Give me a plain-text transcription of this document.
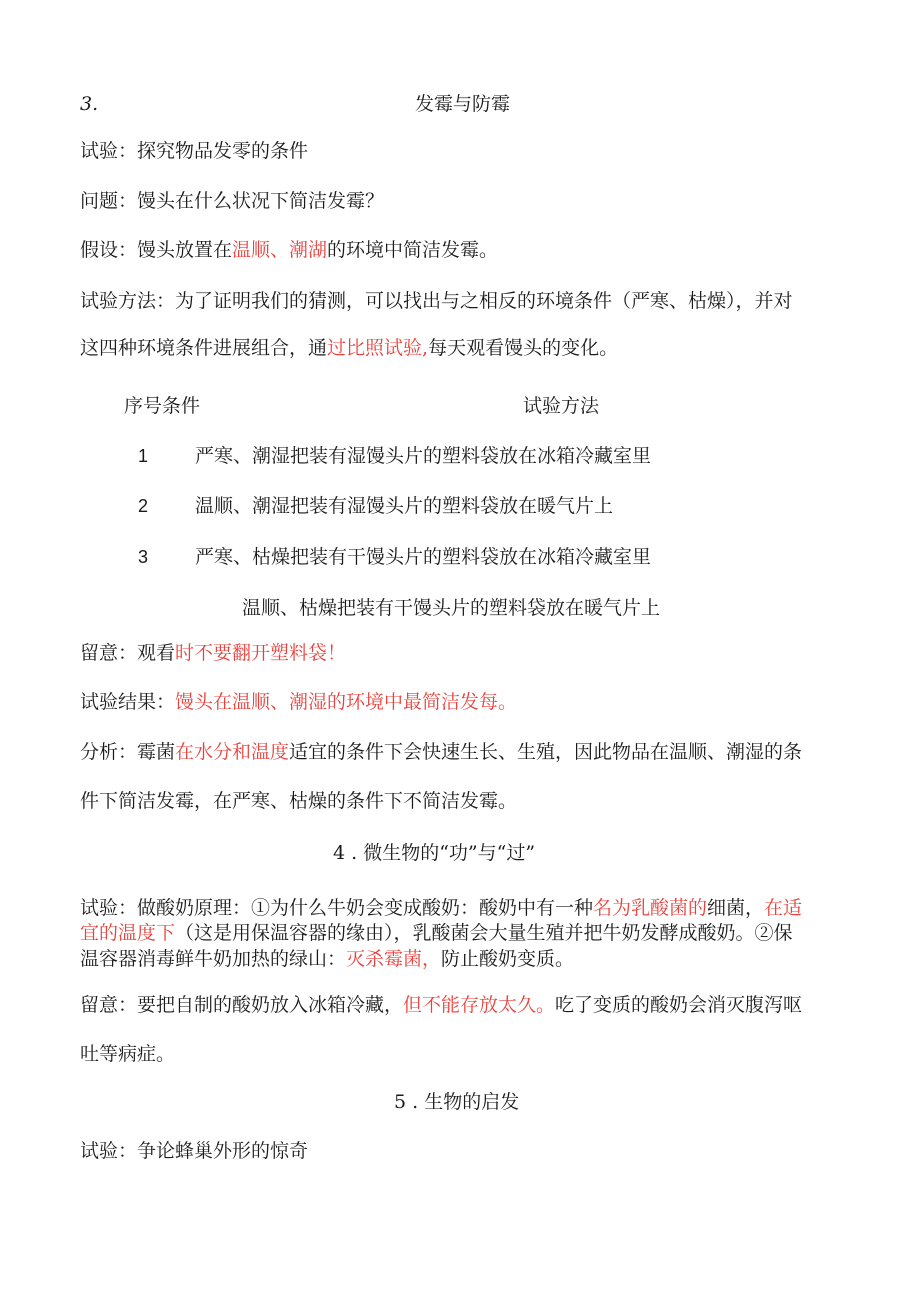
3.	发霉与防霉
试验：探究物品发零的条件
问题：馒头在什么状况下简洁发霉？
假设：馒头放置在温顺、潮湖的环境中简洁发霉。
试验方法：为了证明我们的猜测，可以找出与之相反的环境条件（严寒、枯燥），并对
这四种环境条件进展组合，通过比照试验,每天观看馒头的变化。
序号条件	试验方法
1 严寒、潮湿把装有湿馒头片的塑料袋放在冰箱冷藏室里
2 温顺、潮湿把装有湿馒头片的塑料袋放在暖气片上
3 严寒、枯燥把装有干馒头片的塑料袋放在冰箱冷藏室里
温顺、枯燥把装有干馒头片的塑料袋放在暖气片上
留意：观看时不要翻开塑料袋！
试验结果：馒头在温顺、潮湿的环境中最简洁发每。
分析：霉菌在水分和温度适宜的条件下会快速生长、生殖，因此物品在温顺、潮湿的条
件下简洁发霉，在严寒、枯燥的条件下不简洁发霉。
4 . 微生物的“功”与“过”
试验：做酸奶原理：①为什么牛奶会变成酸奶：酸奶中有一种名为乳酸菌的细菌，在适
宜的温度下（这是用保温容器的缘由），乳酸菌会大量生殖并把牛奶发酵成酸奶。②保
温容器消毒鲜牛奶加热的绿山：灭杀霉菌，防止酸奶变质。
留意：要把自制的酸奶放入冰箱冷藏，但不能存放太久。吃了变质的酸奶会消灭腹泻呕
吐等病症。
5 . 生物的启发
试验：争论蜂巢外形的惊奇
